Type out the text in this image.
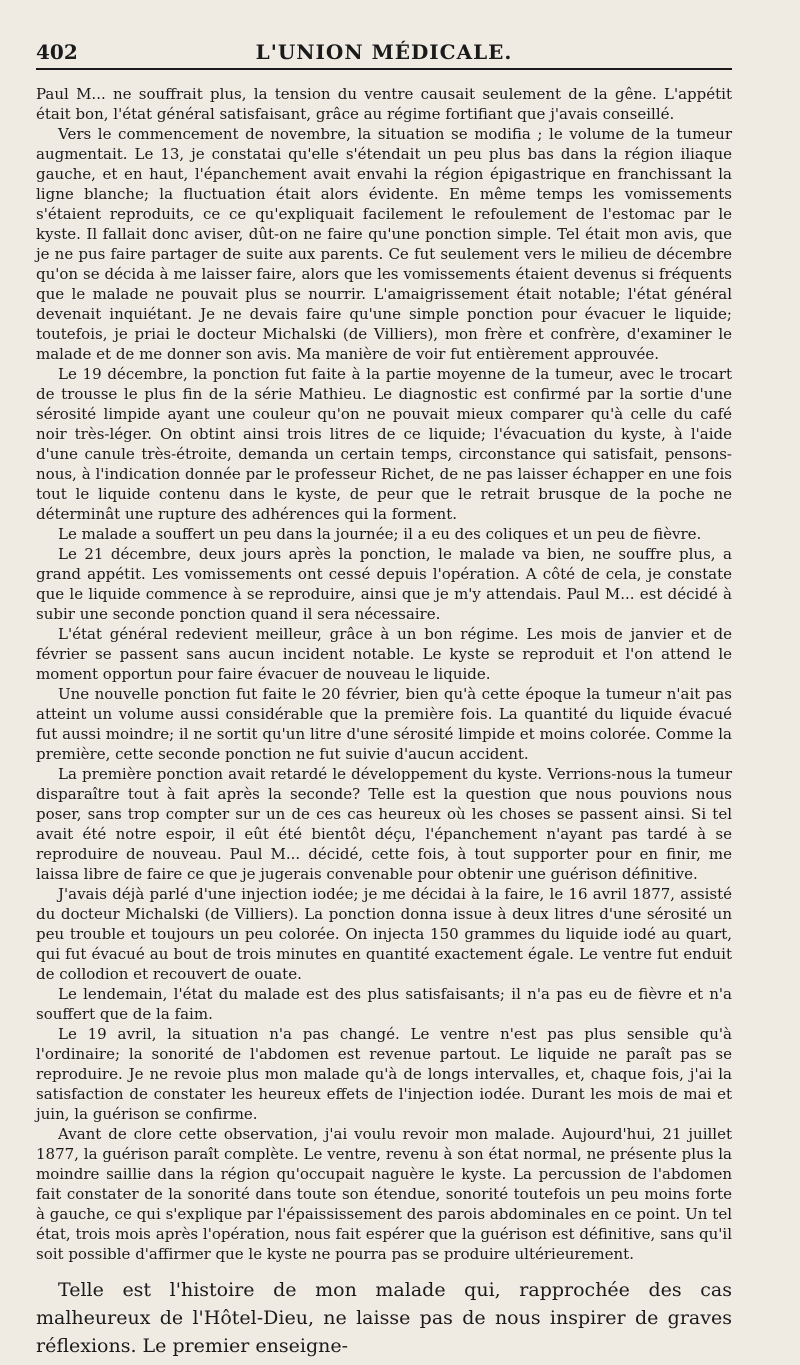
402	L'UNION MÉDICALE.

Paul M... ne souffrait plus, la tension du ventre causait seulement de la gêne. L'appétit était bon, l'état général satisfaisant, grâce au régime fortifiant que j'avais conseillé.

Vers le commencement de novembre, la situation se modifia ; le volume de la tumeur augmentait. Le 13, je constatai qu'elle s'étendait un peu plus bas dans la région iliaque gauche, et en haut, l'épanchement avait envahi la région épigastrique en franchissant la ligne blanche; la fluctuation était alors évidente. En même temps les vomissements s'étaient reproduits, ce ce qu'expliquait facilement le refoulement de l'estomac par le kyste. Il fallait donc aviser, dût-on ne faire qu'une ponction simple. Tel était mon avis, que je ne pus faire partager de suite aux parents. Ce fut seulement vers le milieu de décembre qu'on se décida à me laisser faire, alors que les vomissements étaient devenus si fréquents que le malade ne pouvait plus se nourrir. L'amaigrissement était notable; l'état général devenait inquiétant. Je ne devais faire qu'une simple ponction pour évacuer le liquide; toutefois, je priai le docteur Michalski (de Villiers), mon frère et confrère, d'examiner le malade et de me donner son avis. Ma manière de voir fut entièrement approuvée.

Le 19 décembre, la ponction fut faite à la partie moyenne de la tumeur, avec le trocart de trousse le plus fin de la série Mathieu. Le diagnostic est confirmé par la sortie d'une sérosité limpide ayant une couleur qu'on ne pouvait mieux comparer qu'à celle du café noir très-léger. On obtint ainsi trois litres de ce liquide; l'évacuation du kyste, à l'aide d'une canule très-étroite, demanda un certain temps, circonstance qui satisfait, pensons-nous, à l'indication donnée par le professeur Richet, de ne pas laisser échapper en une fois tout le liquide contenu dans le kyste, de peur que le retrait brusque de la poche ne déterminât une rupture des adhérences qui la forment.

Le malade a souffert un peu dans la journée; il a eu des coliques et un peu de fièvre.

Le 21 décembre, deux jours après la ponction, le malade va bien, ne souffre plus, a grand appétit. Les vomissements ont cessé depuis l'opération. A côté de cela, je constate que le liquide commence à se reproduire, ainsi que je m'y attendais. Paul M... est décidé à subir une seconde ponction quand il sera nécessaire.

L'état général redevient meilleur, grâce à un bon régime. Les mois de janvier et de février se passent sans aucun incident notable. Le kyste se reproduit et l'on attend le moment opportun pour faire évacuer de nouveau le liquide.

Une nouvelle ponction fut faite le 20 février, bien qu'à cette époque la tumeur n'ait pas atteint un volume aussi considérable que la première fois. La quantité du liquide évacué fut aussi moindre; il ne sortit qu'un litre d'une sérosité limpide et moins colorée. Comme la première, cette seconde ponction ne fut suivie d'aucun accident.

La première ponction avait retardé le développement du kyste. Verrions-nous la tumeur disparaître tout à fait après la seconde? Telle est la question que nous pouvions nous poser, sans trop compter sur un de ces cas heureux où les choses se passent ainsi. Si tel avait été notre espoir, il eût été bientôt déçu, l'épanchement n'ayant pas tardé à se reproduire de nouveau. Paul M... décidé, cette fois, à tout supporter pour en finir, me laissa libre de faire ce que je jugerais convenable pour obtenir une guérison définitive.

J'avais déjà parlé d'une injection iodée; je me décidai à la faire, le 16 avril 1877, assisté du docteur Michalski (de Villiers). La ponction donna issue à deux litres d'une sérosité un peu trouble et toujours un peu colorée. On injecta 150 grammes du liquide iodé au quart, qui fut évacué au bout de trois minutes en quantité exactement égale. Le ventre fut enduit de collodion et recouvert de ouate.

Le lendemain, l'état du malade est des plus satisfaisants; il n'a pas eu de fièvre et n'a souffert que de la faim.

Le 19 avril, la situation n'a pas changé. Le ventre n'est pas plus sensible qu'à l'ordinaire; la sonorité de l'abdomen est revenue partout. Le liquide ne paraît pas se reproduire. Je ne revoie plus mon malade qu'à de longs intervalles, et, chaque fois, j'ai la satisfaction de constater les heureux effets de l'injection iodée. Durant les mois de mai et juin, la guérison se confirme.

Avant de clore cette observation, j'ai voulu revoir mon malade. Aujourd'hui, 21 juillet 1877, la guérison paraît complète. Le ventre, revenu à son état normal, ne présente plus la moindre saillie dans la région qu'occupait naguère le kyste. La percussion de l'abdomen fait constater de la sonorité dans toute son étendue, sonorité toutefois un peu moins forte à gauche, ce qui s'explique par l'épaississement des parois abdominales en ce point. Un tel état, trois mois après l'opération, nous fait espérer que la guérison est définitive, sans qu'il soit possible d'affirmer que le kyste ne pourra pas se produire ultérieurement.

Telle est l'histoire de mon malade qui, rapprochée des cas malheureux de l'Hôtel-Dieu, ne laisse pas de nous inspirer de graves réflexions. Le premier enseigne-
